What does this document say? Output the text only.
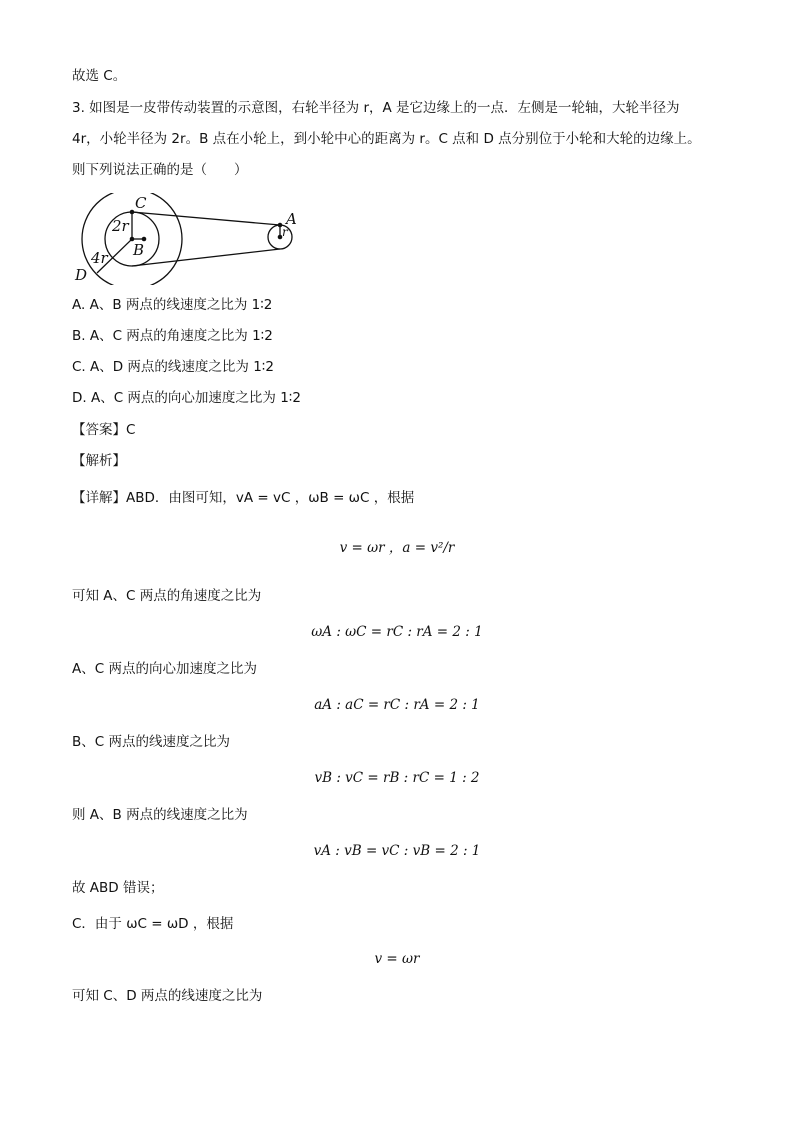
故选 C。
3. 如图是一皮带传动装置的示意图，右轮半径为 r，A 是它边缘上的一点．左侧是一轮轴，大轮半径为
4r，小轮半径为 2r。B 点在小轮上，到小轮中心的距离为 r。C 点和 D 点分别位于小轮和大轮的边缘上。
则下列说法正确的是（　　）
C
2r
B
4r
D
A
r
A. A、B 两点的线速度之比为 1∶2
B. A、C 两点的角速度之比为 1∶2
C. A、D 两点的线速度之比为 1∶2
D. A、C 两点的向心加速度之比为 1∶2
【答案】C
【解析】
【详解】ABD．由图可知，vA = vC ，ωB = ωC ，根据
v = ωr ，a = v²/r
可知 A、C 两点的角速度之比为
ωA : ωC = rC : rA = 2 : 1
A、C 两点的向心加速度之比为
aA : aC = rC : rA = 2 : 1
B、C 两点的线速度之比为
vB : vC = rB : rC = 1 : 2
则 A、B 两点的线速度之比为
vA : vB = vC : vB = 2 : 1
故 ABD 错误；
C．由于 ωC = ωD ，根据
v = ωr
可知 C、D 两点的线速度之比为
